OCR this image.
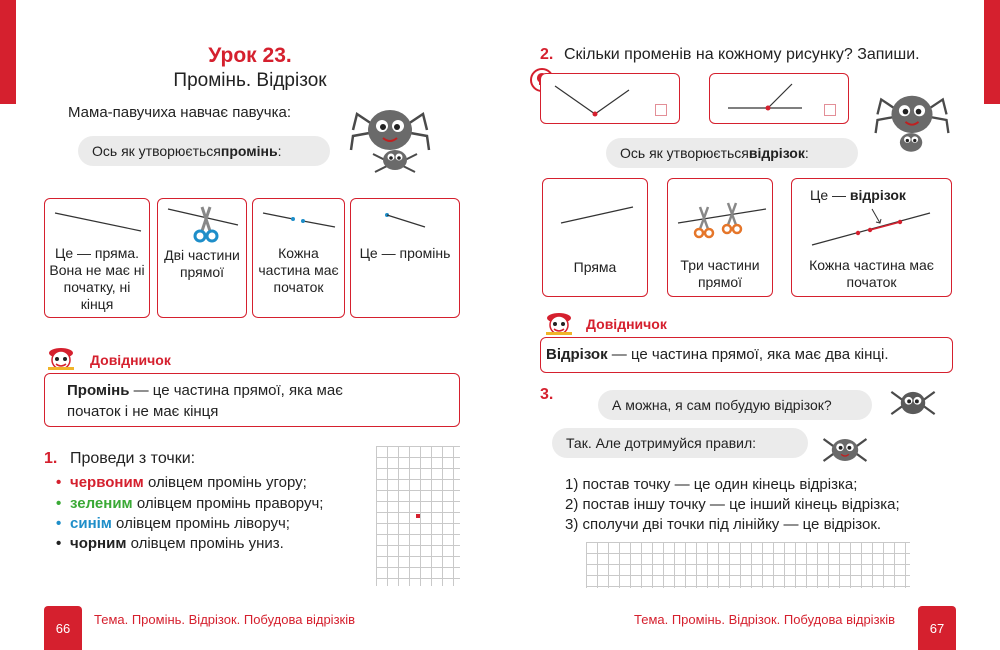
Урок 23.
Промінь. Відрізок
Мама-павучиха навчає павучка:
Ось як утворюється промінь :
Це — пряма. Вона не має ні початку, ні кінця
Дві частини прямої
Кожна частина має початок
Це — промінь
Довідничок
Промінь — це частина прямої, яка має
початок і не має кінця
1. Проведи з точки:
• червоним олівцем промінь угору;
• зеленим олівцем промінь праворуч;
• синім олівцем промінь ліворуч;
• чорним олівцем промінь униз.
66
Тема. Промінь. Відрізок. Побудова відрізків
2. Скільки променів на кожному рисунку? Запиши.
Ось як утворюється відрізок :
Пряма	Три частини прямої
Це — відрізок
Кожна частина має початок
Довідничок
Відрізок — це частина прямої, яка має два кінці.
3.
А можна, я сам побудую відрізок?
Так. Але дотримуйся правил:
1) постав точку — це один кінець відрізка;
2) постав іншу точку — це інший кінець відрізка;
3) сполучи дві точки під лінійку — це відрізок.
Тема. Промінь. Відрізок. Побудова відрізків
67
